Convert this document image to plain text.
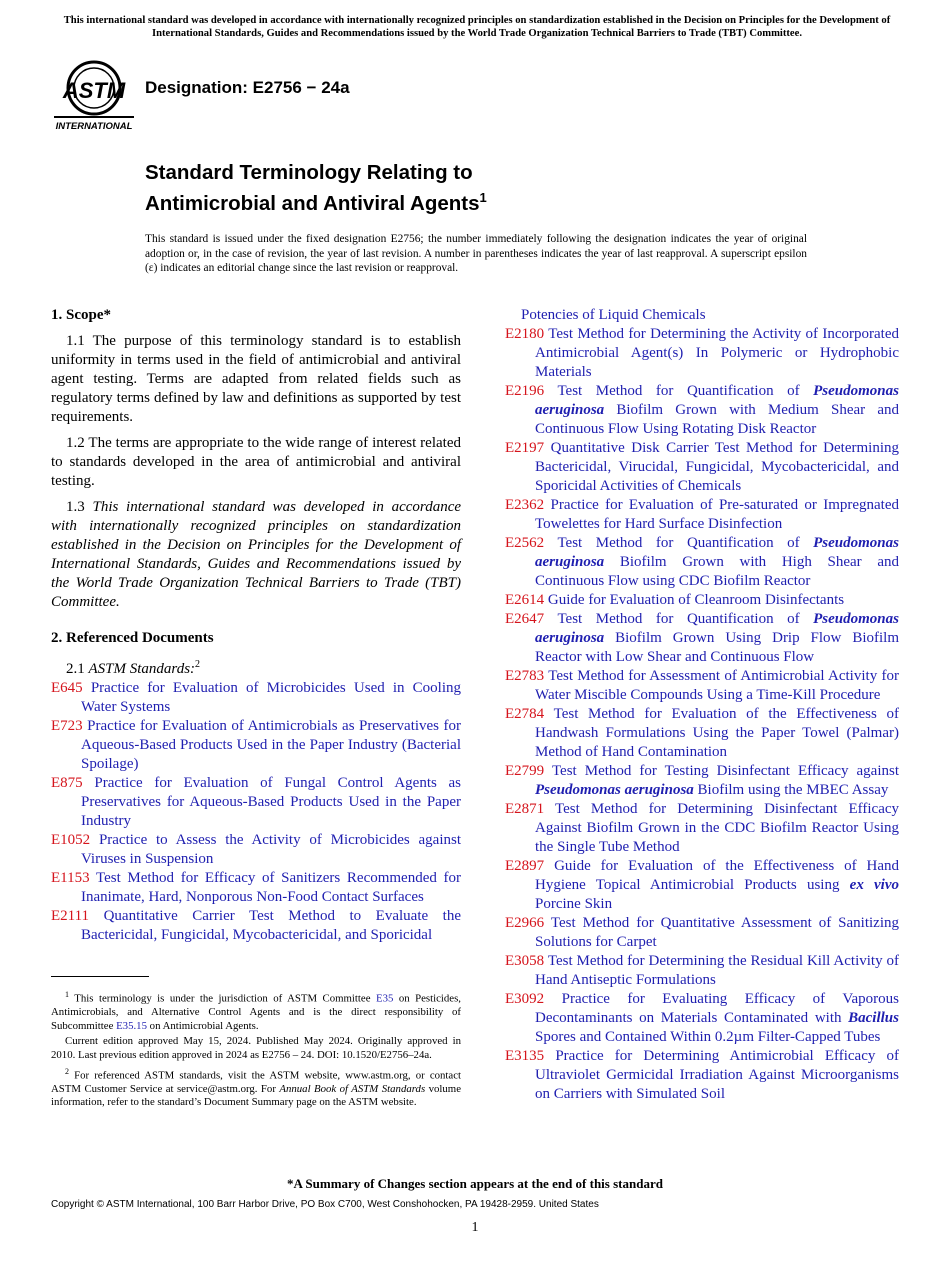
This international standard was developed in accordance with internationally recognized principles on standardization established in the Decision on Principles for the Development of International Standards, Guides and Recommendations issued by the World Trade Organization Technical Barriers to Trade (TBT) Committee.
ASTM
INTERNATIONAL
Designation: E2756 − 24a
Standard Terminology Relating to
Antimicrobial and Antiviral Agents$^1$
This standard is issued under the fixed designation E2756; the number immediately following the designation indicates the year of original adoption or, in the case of revision, the year of last revision. A number in parentheses indicates the year of last reapproval. A superscript epsilon (ε) indicates an editorial change since the last revision or reapproval.
1. Scope*

1.1 The purpose of this terminology standard is to establish uniformity in terms used in the field of antimicrobial and antiviral agent testing. Terms are adapted from related fields such as regulatory terms defined by law and definitions as supported by test requirements.

1.2 The terms are appropriate to the wide range of interest related to standards developed in the area of antimicrobial and antiviral testing.

1.3 This international standard was developed in accordance with internationally recognized principles on standardization established in the Decision on Principles for the Development of International Standards, Guides and Recommendations issued by the World Trade Organization Technical Barriers to Trade (TBT) Committee.

2. Referenced Documents

2.1 ASTM Standards:$^2$

E645 Practice for Evaluation of Microbicides Used in Cooling Water Systems

E723 Practice for Evaluation of Antimicrobials as Preservatives for Aqueous-Based Products Used in the Paper Industry (Bacterial Spoilage)

E875 Practice for Evaluation of Fungal Control Agents as Preservatives for Aqueous-Based Products Used in the Paper Industry

E1052 Practice to Assess the Activity of Microbicides against Viruses in Suspension

E1153 Test Method for Efficacy of Sanitizers Recommended for Inanimate, Hard, Nonporous Non-Food Contact Surfaces

E2111 Quantitative Carrier Test Method to Evaluate the Bactericidal, Fungicidal, Mycobactericidal, and Sporicidal

Potencies of Liquid Chemicals

E2180 Test Method for Determining the Activity of Incorporated Antimicrobial Agent(s) In Polymeric or Hydrophobic Materials

E2196 Test Method for Quantification of Pseudomonas aeruginosa Biofilm Grown with Medium Shear and Continuous Flow Using Rotating Disk Reactor

E2197 Quantitative Disk Carrier Test Method for Determining Bactericidal, Virucidal, Fungicidal, Mycobactericidal, and Sporicidal Activities of Chemicals

E2362 Practice for Evaluation of Pre-saturated or Impregnated Towelettes for Hard Surface Disinfection

E2562 Test Method for Quantification of Pseudomonas aeruginosa Biofilm Grown with High Shear and Continuous Flow using CDC Biofilm Reactor

E2614 Guide for Evaluation of Cleanroom Disinfectants

E2647 Test Method for Quantification of Pseudomonas aeruginosa Biofilm Grown Using Drip Flow Biofilm Reactor with Low Shear and Continuous Flow

E2783 Test Method for Assessment of Antimicrobial Activity for Water Miscible Compounds Using a Time-Kill Procedure

E2784 Test Method for Evaluation of the Effectiveness of Handwash Formulations Using the Paper Towel (Palmar) Method of Hand Contamination

E2799 Test Method for Testing Disinfectant Efficacy against Pseudomonas aeruginosa Biofilm using the MBEC Assay

E2871 Test Method for Determining Disinfectant Efficacy Against Biofilm Grown in the CDC Biofilm Reactor Using the Single Tube Method

E2897 Guide for Evaluation of the Effectiveness of Hand Hygiene Topical Antimicrobial Products using ex vivo Porcine Skin

E2966 Test Method for Quantitative Assessment of Sanitizing Solutions for Carpet

E3058 Test Method for Determining the Residual Kill Activity of Hand Antiseptic Formulations

E3092 Practice for Evaluating Efficacy of Vaporous Decontaminants on Materials Contaminated with Bacillus Spores and Contained Within 0.2µm Filter-Capped Tubes

E3135 Practice for Determining Antimicrobial Efficacy of Ultraviolet Germicidal Irradiation Against Microorganisms on Carriers with Simulated Soil

$^1$ This terminology is under the jurisdiction of ASTM Committee E35 on Pesticides, Antimicrobials, and Alternative Control Agents and is the direct responsibility of Subcommittee E35.15 on Antimicrobial Agents.

Current edition approved May 15, 2024. Published May 2024. Originally approved in 2010. Last previous edition approved in 2024 as E2756 – 24. DOI: 10.1520/E2756–24a.

$^2$ For referenced ASTM standards, visit the ASTM website, www.astm.org, or contact ASTM Customer Service at service@astm.org. For Annual Book of ASTM Standards volume information, refer to the standard’s Document Summary page on the ASTM website.

*A Summary of Changes section appears at the end of this standard
Copyright © ASTM International, 100 Barr Harbor Drive, PO Box C700, West Conshohocken, PA 19428-2959. United States
1
